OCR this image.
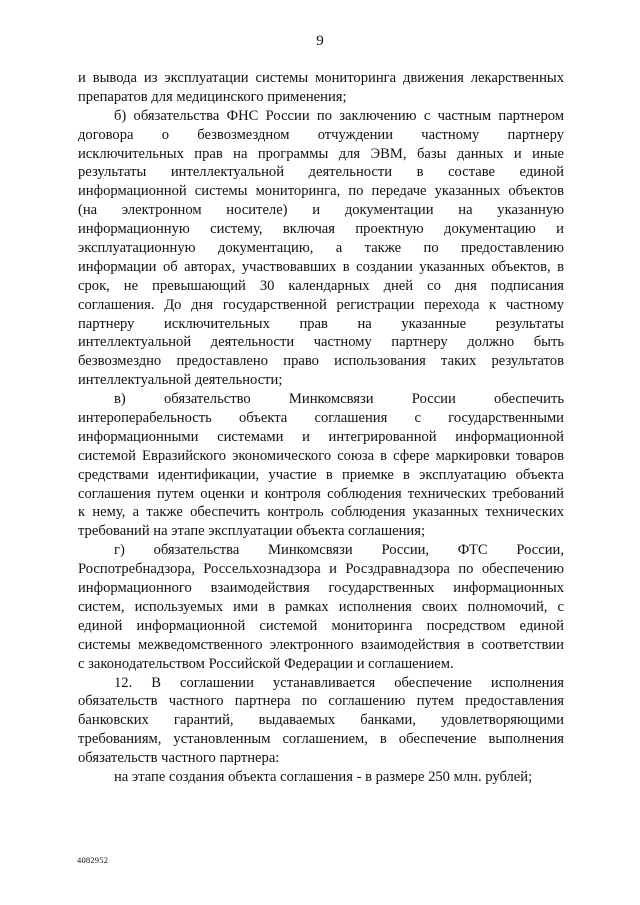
9
и вывода из эксплуатации системы мониторинга движения лекарственных
препаратов для медицинского применения;
б) обязательства ФНС России по заключению с частным партнером
договора о безвозмездном отчуждении частному партнеру
исключительных прав на программы для ЭВМ, базы данных и иные
результаты интеллектуальной деятельности в составе единой
информационной системы мониторинга, по передаче указанных объектов
(на электронном носителе) и документации на указанную
информационную систему, включая проектную документацию и
эксплуатационную документацию, а также по предоставлению
информации об авторах, участвовавших в создании указанных объектов, в
срок, не превышающий 30 календарных дней со дня подписания
соглашения. До дня государственной регистрации перехода к частному
партнеру исключительных прав на указанные результаты
интеллектуальной деятельности частному партнеру должно быть
безвозмездно предоставлено право использования таких результатов
интеллектуальной деятельности;
в) обязательство Минкомсвязи России обеспечить
интероперабельность объекта соглашения с государственными
информационными системами и интегрированной информационной
системой Евразийского экономического союза в сфере маркировки товаров
средствами идентификации, участие в приемке в эксплуатацию объекта
соглашения путем оценки и контроля соблюдения технических требований
к нему, а также обеспечить контроль соблюдения указанных технических
требований на этапе эксплуатации объекта соглашения;
г) обязательства Минкомсвязи России, ФТС России,
Роспотребнадзора, Россельхознадзора и Росздравнадзора по обеспечению
информационного взаимодействия государственных информационных
систем, используемых ими в рамках исполнения своих полномочий, с
единой информационной системой мониторинга посредством единой
системы межведомственного электронного взаимодействия в соответствии
с законодательством Российской Федерации и соглашением.
12. В соглашении устанавливается обеспечение исполнения
обязательств частного партнера по соглашению путем предоставления
банковских гарантий, выдаваемых банками, удовлетворяющими
требованиям, установленным соглашением, в обеспечение выполнения
обязательств частного партнера:
на этапе создания объекта соглашения - в размере 250 млн. рублей;
4082952
